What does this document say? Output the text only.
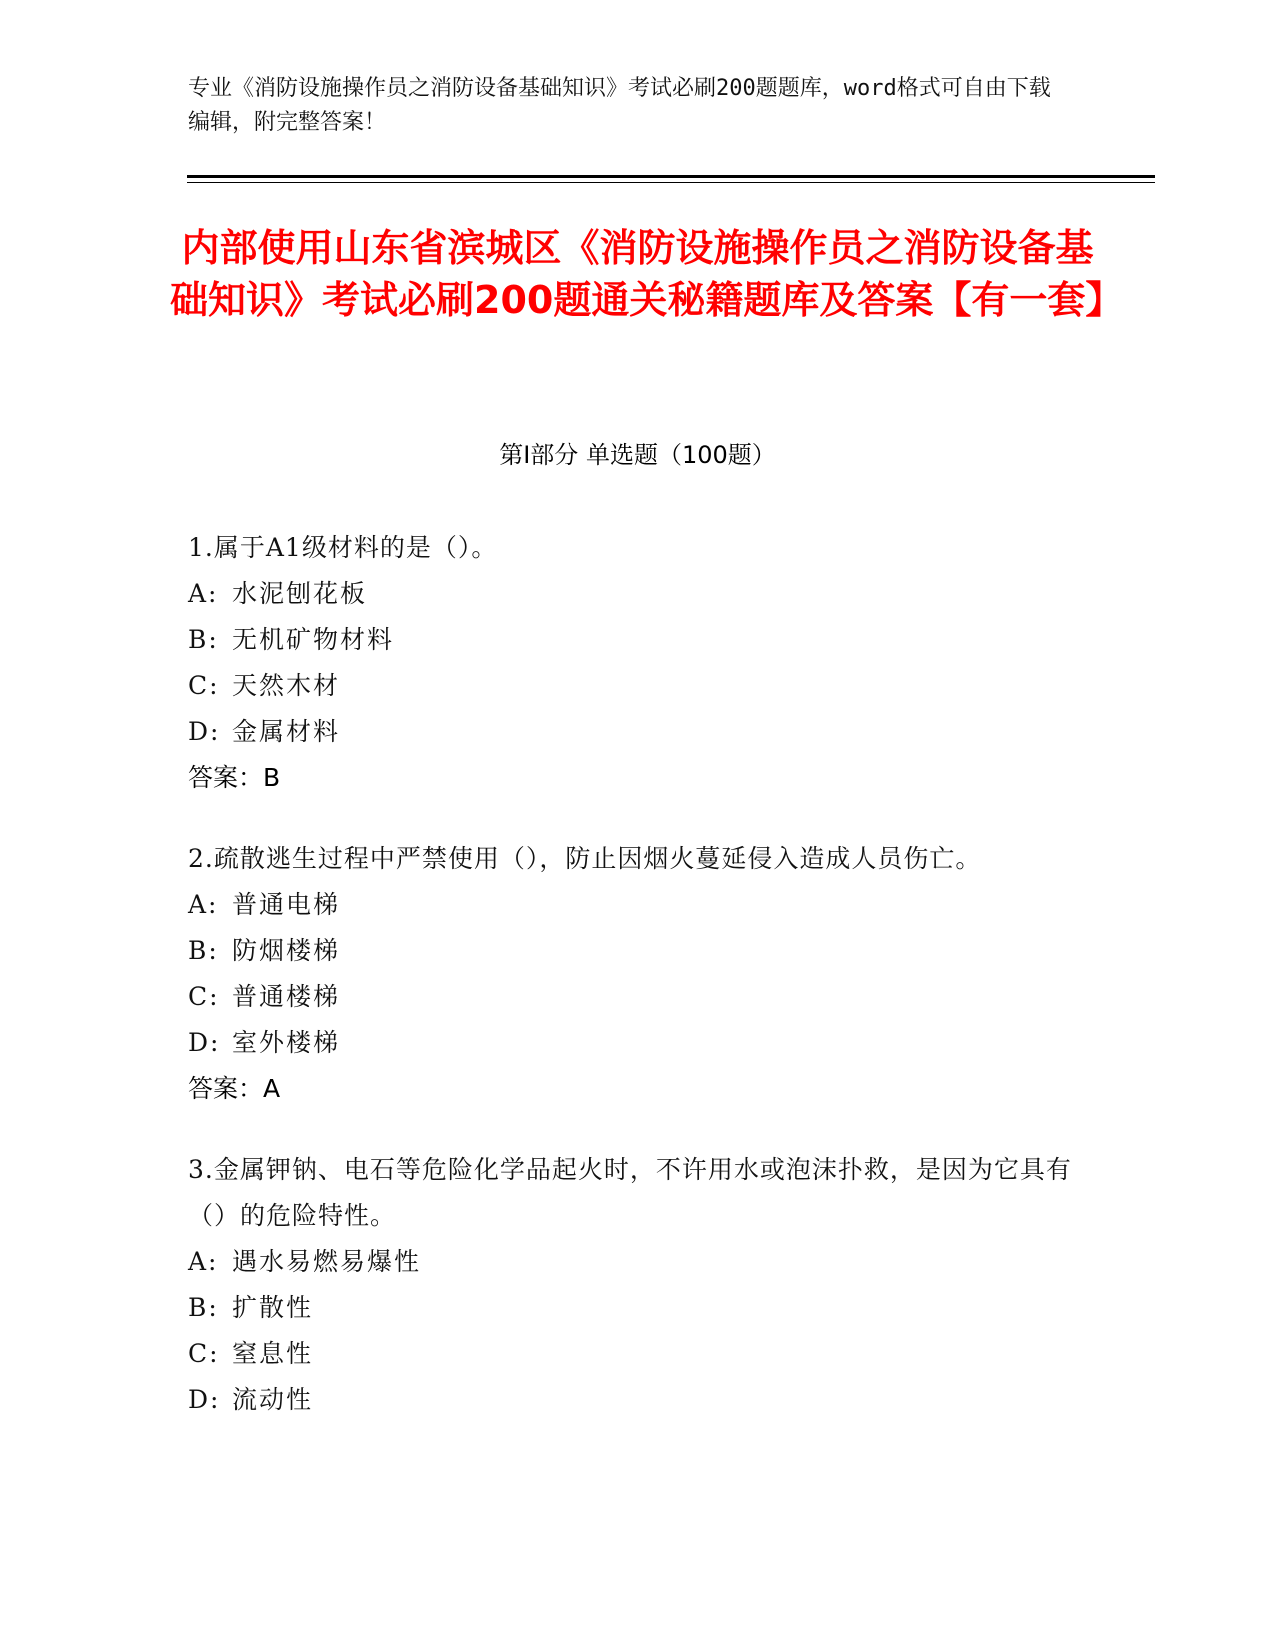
专业《消防设施操作员之消防设备基础知识》考试必刷200题题库，word格式可自由下载编辑，附完整答案！
内部使用山东省滨城区《消防设施操作员之消防设备基础知识》考试必刷200题通关秘籍题库及答案【有一套】
第I部分 单选题（100题）
1.属于A1级材料的是（）。
A: 水泥刨花板
B: 无机矿物材料
C: 天然木材
D: 金属材料
答案：B
2.疏散逃生过程中严禁使用（），防止因烟火蔓延侵入造成人员伤亡。
A: 普通电梯
B: 防烟楼梯
C: 普通楼梯
D: 室外楼梯
答案：A
3.金属钾钠、电石等危险化学品起火时，不许用水或泡沫扑救，是因为它具有（）的危险特性。
A: 遇水易燃易爆性
B: 扩散性
C: 窒息性
D: 流动性
